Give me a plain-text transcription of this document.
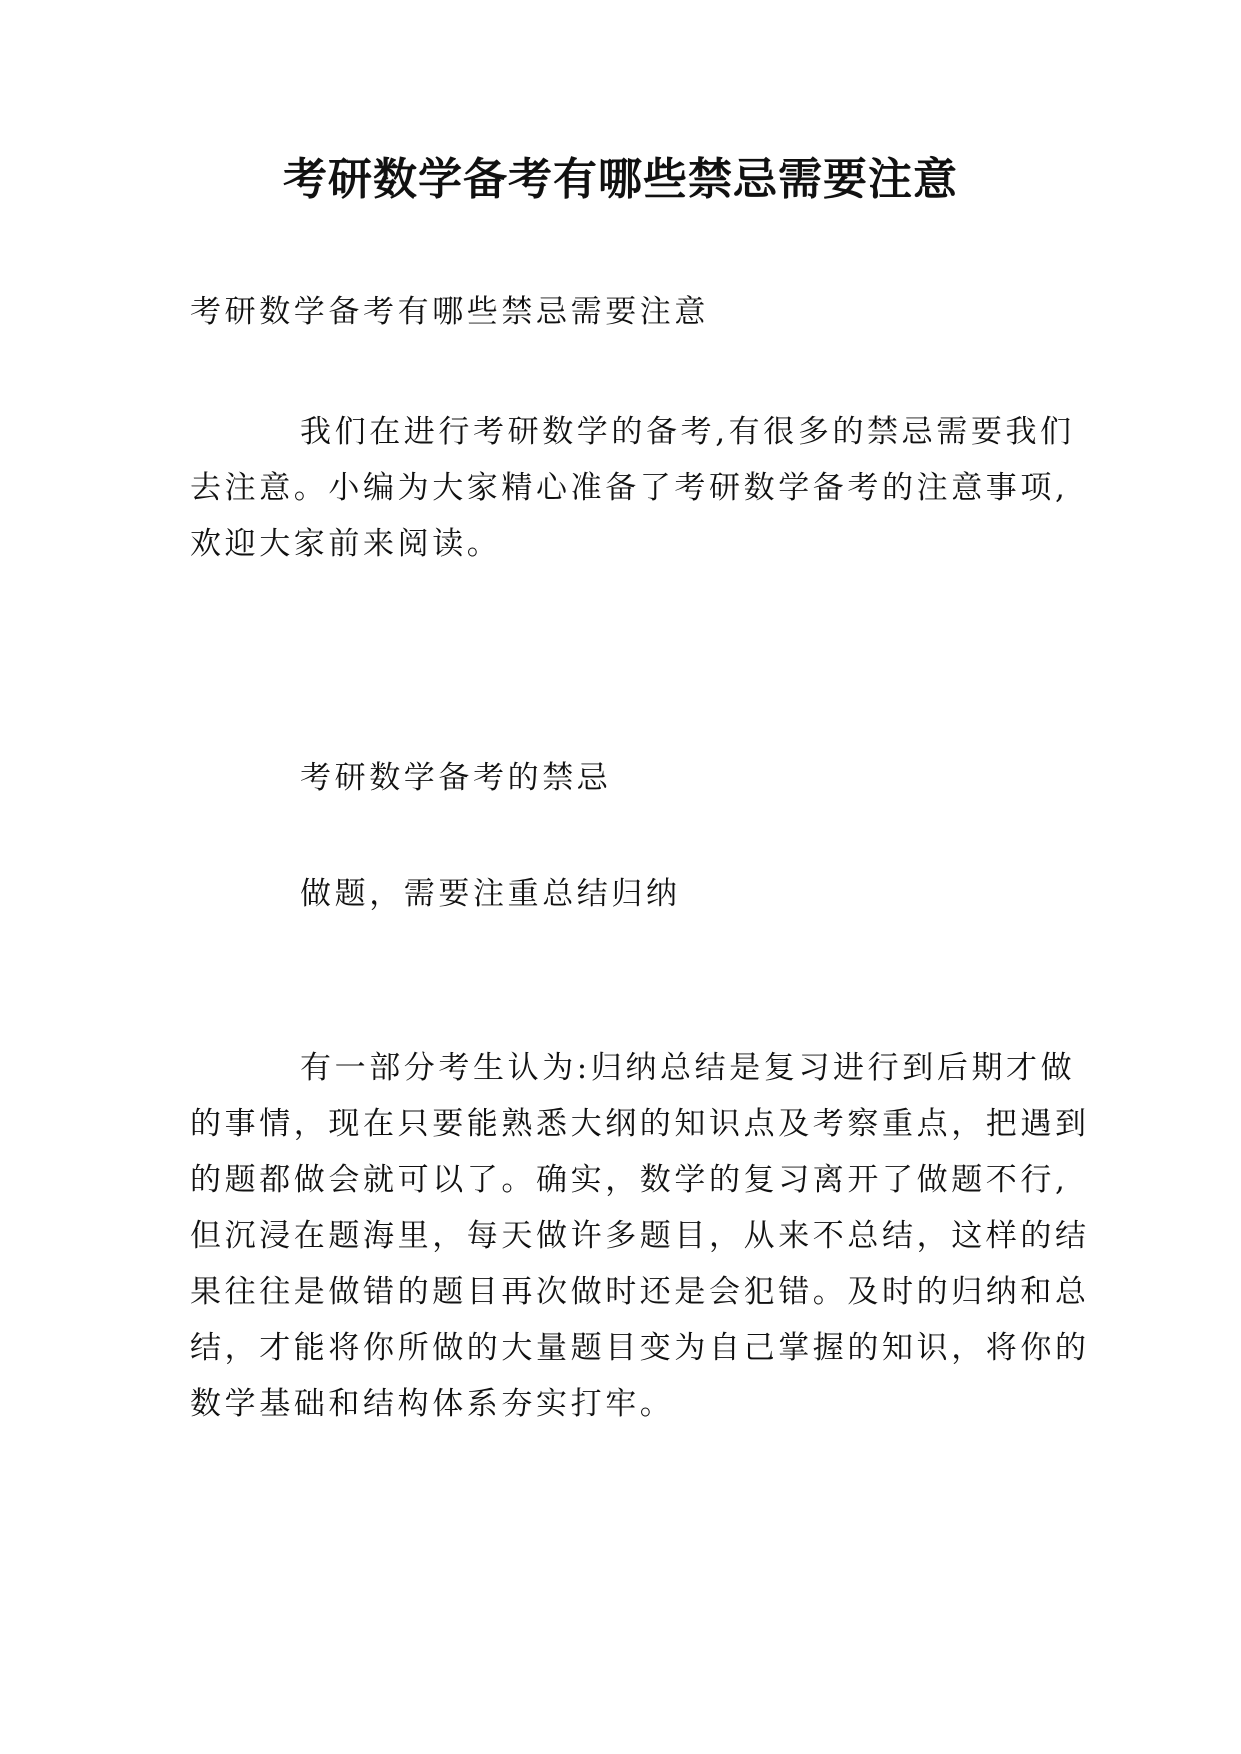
考研数学备考有哪些禁忌需要注意
考研数学备考有哪些禁忌需要注意
我们在进行考研数学的备考,有很多的禁忌需要我们
去注意。小编为大家精心准备了考研数学备考的注意事项,
欢迎大家前来阅读。
考研数学备考的禁忌
做题，需要注重总结归纳
有一部分考生认为:归纳总结是复习进行到后期才做
的事情，现在只要能熟悉大纲的知识点及考察重点，把遇到
的题都做会就可以了。确实，数学的复习离开了做题不行,
但沉浸在题海里，每天做许多题目，从来不总结，这样的结
果往往是做错的题目再次做时还是会犯错。及时的归纳和总
结，才能将你所做的大量题目变为自己掌握的知识，将你的
数学基础和结构体系夯实打牢。
